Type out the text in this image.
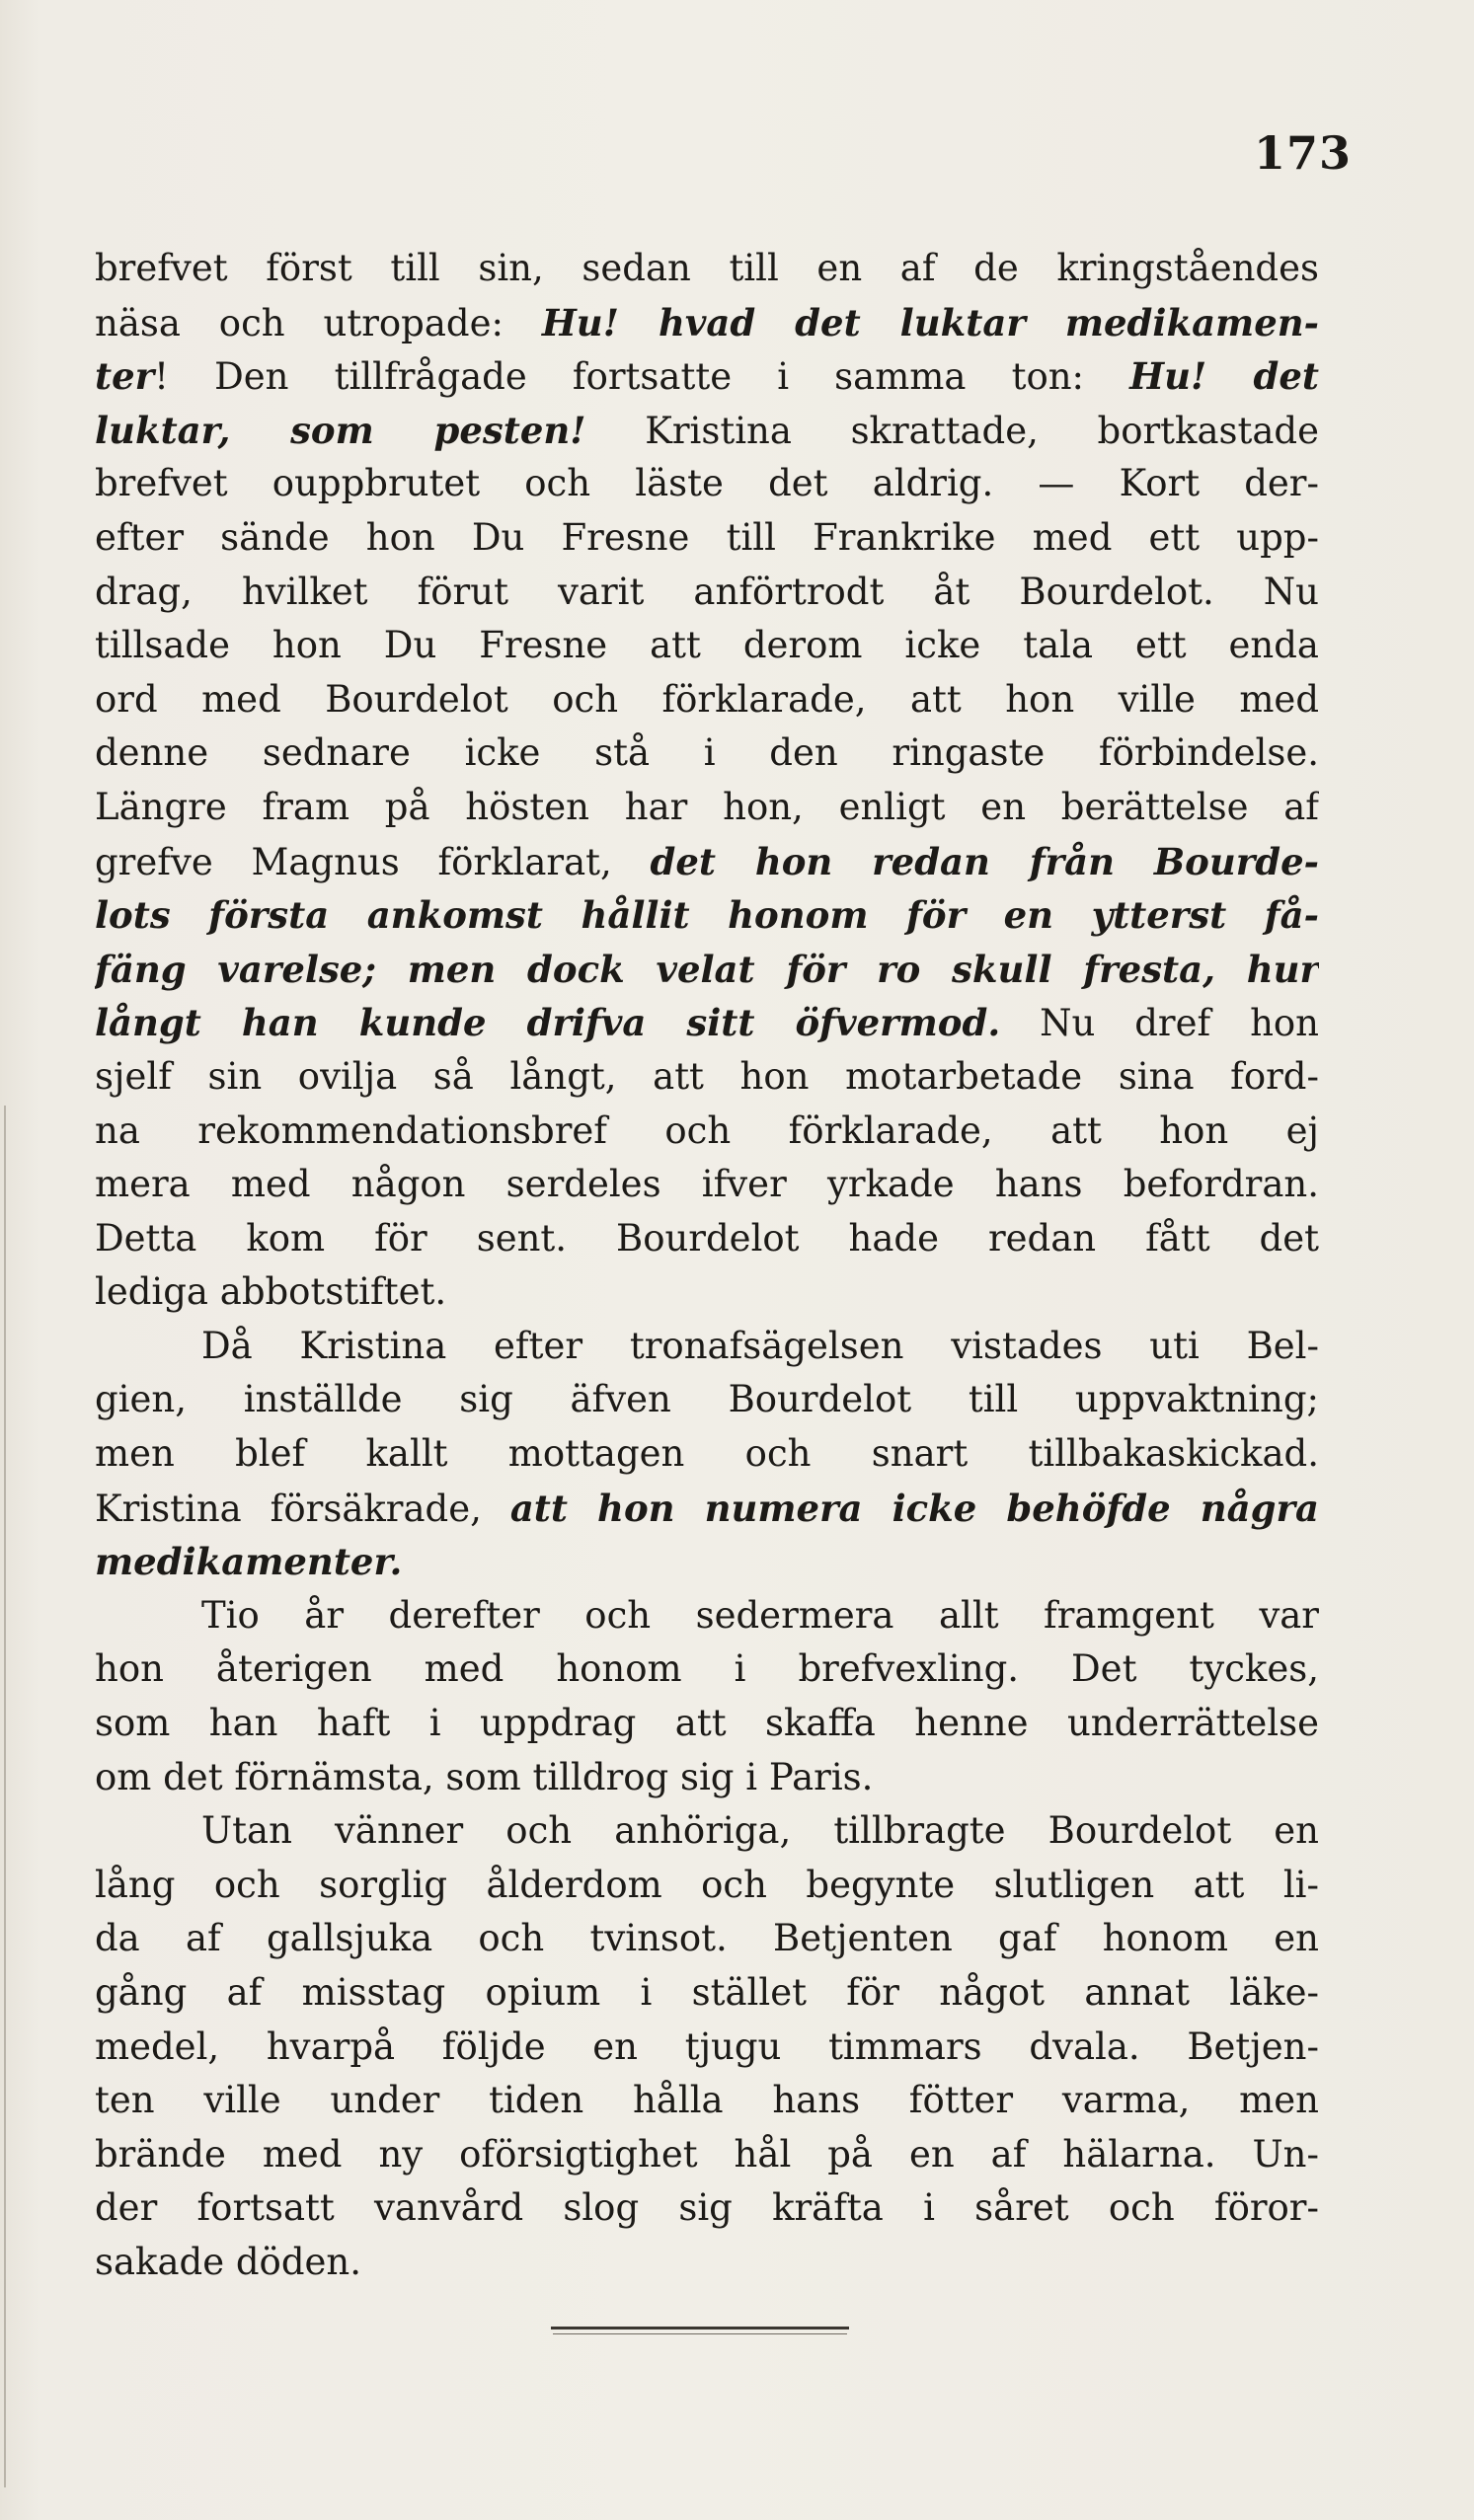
173
brefvet först till sin, sedan till en af de kringståendes
näsa och utropade: Hu! hvad det luktar medikamen-
ter! Den tillfrågade fortsatte i samma ton: Hu! det
luktar, som pesten! Kristina skrattade, bortkastade
brefvet ouppbrutet och läste det aldrig. — Kort der-
efter sände hon Du Fresne till Frankrike med ett upp-
drag, hvilket förut varit anförtrodt åt Bourdelot. Nu
tillsade hon Du Fresne att derom icke tala ett enda
ord med Bourdelot och förklarade, att hon ville med
denne sednare icke stå i den ringaste förbindelse.
Längre fram på hösten har hon, enligt en berättelse af
grefve Magnus förklarat, det hon redan från Bourde-
lots första ankomst hållit honom för en ytterst få-
fäng varelse; men dock velat för ro skull fresta, hur
långt han kunde drifva sitt öfvermod. Nu dref hon
sjelf sin ovilja så långt, att hon motarbetade sina ford-
na rekommendationsbref och förklarade, att hon ej
mera med någon serdeles ifver yrkade hans befordran.
Detta kom för sent. Bourdelot hade redan fått det
lediga abbotstiftet.
Då Kristina efter tronafsägelsen vistades uti Bel-
gien, inställde sig äfven Bourdelot till uppvaktning;
men blef kallt mottagen och snart tillbakaskickad.
Kristina försäkrade, att hon numera icke behöfde några
medikamenter.
Tio år derefter och sedermera allt framgent var
hon återigen med honom i brefvexling. Det tyckes,
som han haft i uppdrag att skaffa henne underrättelse
om det förnämsta, som tilldrog sig i Paris.
Utan vänner och anhöriga, tillbragte Bourdelot en
lång och sorglig ålderdom och begynte slutligen att li-
da af gallsjuka och tvinsot. Betjenten gaf honom en
gång af misstag opium i stället för något annat läke-
medel, hvarpå följde en tjugu timmars dvala. Betjen-
ten ville under tiden hålla hans fötter varma, men
brände med ny oförsigtighet hål på en af hälarna. Un-
der fortsatt vanvård slog sig kräfta i såret och föror-
sakade döden.
